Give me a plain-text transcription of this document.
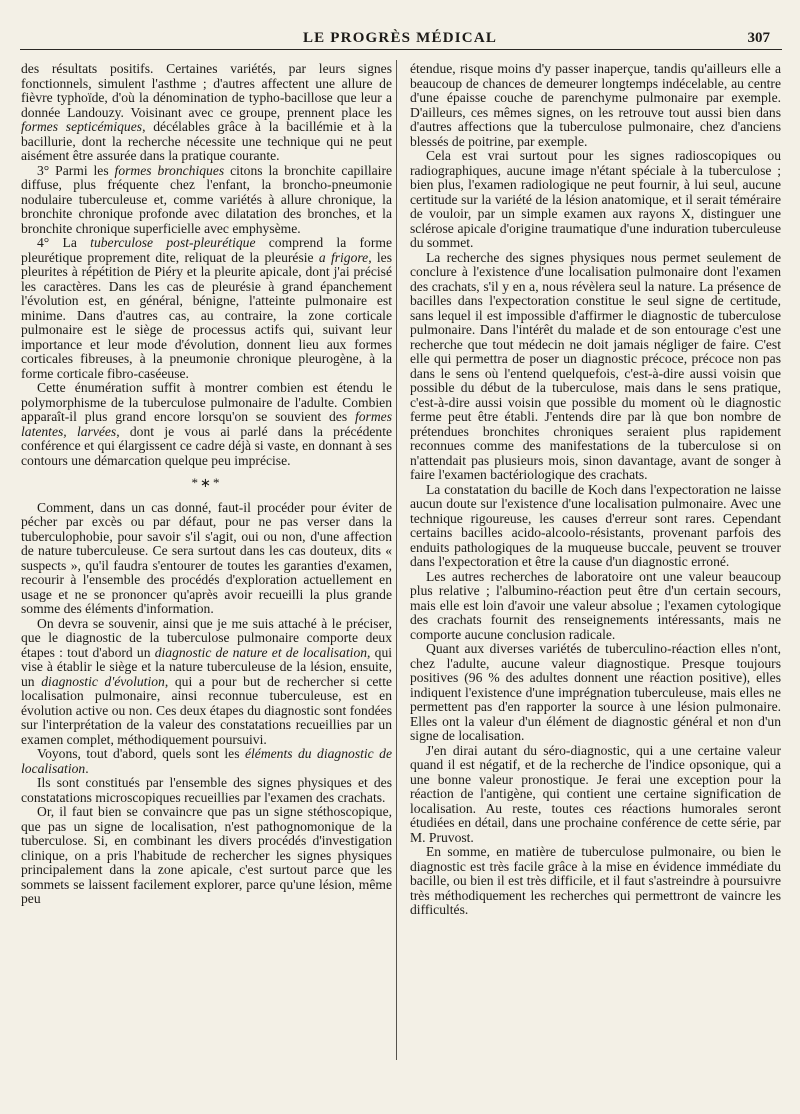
LE PROGRÈS MÉDICAL	307

des résultats positifs. Certaines variétés, par leurs signes fonctionnels, simulent l'asthme ; d'autres affectent une allure de fièvre typhoïde, d'où la dénomination de typho-bacillose que leur a donnée Landouzy. Voisinant avec ce groupe, prennent place les formes septicémiques, décélables grâce à la bacillémie et à la bacillurie, dont la recherche nécessite une technique qui ne peut aisément être assurée dans la pratique courante.

3° Parmi les formes bronchiques citons la bronchite capillaire diffuse, plus fréquente chez l'enfant, la broncho-pneumonie nodulaire tuberculeuse et, comme variétés à allure chronique, la bronchite chronique profonde avec dilatation des bronches, et la bronchite chronique superficielle avec emphysème.

4° La tuberculose post-pleurétique comprend la forme pleurétique proprement dite, reliquat de la pleurésie a frigore, les pleurites à répétition de Piéry et la pleurite apicale, dont j'ai précisé les caractères. Dans les cas de pleurésie à grand épanchement l'évolution est, en général, bénigne, l'atteinte pulmonaire est minime. Dans d'autres cas, au contraire, la zone corticale pulmonaire est le siège de processus actifs qui, suivant leur importance et leur mode d'évolution, donnent lieu aux formes corticales fibreuses, à la pneumonie chronique pleurogène, à la forme corticale fibro-caséeuse.

Cette énumération suffit à montrer combien est étendu le polymorphisme de la tuberculose pulmonaire de l'adulte. Combien apparaît-il plus grand encore lorsqu'on se souvient des formes latentes, larvées, dont je vous ai parlé dans la précédente conférence et qui élargissent ce cadre déjà si vaste, en donnant à ses contours une démarcation quelque peu imprécise.

*∗*

Comment, dans un cas donné, faut-il procéder pour éviter de pécher par excès ou par défaut, pour ne pas verser dans la tuberculophobie, pour savoir s'il s'agit, oui ou non, d'une affection de nature tuberculeuse. Ce sera surtout dans les cas douteux, dits « suspects », qu'il faudra s'entourer de toutes les garanties d'examen, recourir à l'ensemble des procédés d'exploration actuellement en usage et ne se prononcer qu'après avoir recueilli la plus grande somme des éléments d'information.

On devra se souvenir, ainsi que je me suis attaché à le préciser, que le diagnostic de la tuberculose pulmonaire comporte deux étapes : tout d'abord un diagnostic de nature et de localisation, qui vise à établir le siège et la nature tuberculeuse de la lésion, ensuite, un diagnostic d'évolution, qui a pour but de rechercher si cette localisation pulmonaire, ainsi reconnue tuberculeuse, est en évolution active ou non. Ces deux étapes du diagnostic sont fondées sur l'interprétation de la valeur des constatations recueillies par un examen complet, méthodiquement poursuivi.

Voyons, tout d'abord, quels sont les éléments du diagnostic de localisation.

Ils sont constitués par l'ensemble des signes physiques et des constatations microscopiques recueillies par l'examen des crachats.

Or, il faut bien se convaincre que pas un signe stéthoscopique, que pas un signe de localisation, n'est pathognomonique de la tuberculose. Si, en combinant les divers procédés d'investigation clinique, on a pris l'habitude de rechercher les signes physiques principalement dans la zone apicale, c'est surtout parce que les sommets se laissent facilement explorer, parce qu'une lésion, même peu

étendue, risque moins d'y passer inaperçue, tandis qu'ailleurs elle a beaucoup de chances de demeurer longtemps indécelable, au centre d'une épaisse couche de parenchyme pulmonaire par exemple. D'ailleurs, ces mêmes signes, on les retrouve tout aussi bien dans d'autres affections que la tuberculose pulmonaire, chez d'anciens blessés de poitrine, par exemple.

Cela est vrai surtout pour les signes radioscopiques ou radiographiques, aucune image n'étant spéciale à la tuberculose ; bien plus, l'examen radiologique ne peut fournir, à lui seul, aucune certitude sur la variété de la lésion anatomique, et il serait téméraire de vouloir, par un simple examen aux rayons X, distinguer une sclérose apicale d'origine traumatique d'une induration tuberculeuse du sommet.

La recherche des signes physiques nous permet seulement de conclure à l'existence d'une localisation pulmonaire dont l'examen des crachats, s'il y en a, nous révèlera seul la nature. La présence de bacilles dans l'expectoration constitue le seul signe de certitude, sans lequel il est impossible d'affirmer le diagnostic de tuberculose pulmonaire. Dans l'intérêt du malade et de son entourage c'est une recherche que tout médecin ne doit jamais négliger de faire. C'est elle qui permettra de poser un diagnostic précoce, précoce non pas dans le sens où l'entend quelquefois, c'est-à-dire aussi voisin que possible du début de la tuberculose, mais dans le sens pratique, c'est-à-dire aussi voisin que possible du moment où le diagnostic ferme peut être établi. J'entends dire par là que bon nombre de prétendues bronchites chroniques seraient plus rapidement reconnues comme des manifestations de la tuberculose si on n'attendait pas plusieurs mois, sinon davantage, avant de songer à faire l'examen bactériologique des crachats.

La constatation du bacille de Koch dans l'expectoration ne laisse aucun doute sur l'existence d'une localisation pulmonaire. Avec une technique rigoureuse, les causes d'erreur sont rares. Cependant certains bacilles acido-alcoolo-résistants, provenant parfois des enduits pathologiques de la muqueuse buccale, peuvent se trouver dans l'expectoration et être la cause d'un diagnostic erroné.

Les autres recherches de laboratoire ont une valeur beaucoup plus relative ; l'albumino-réaction peut être d'un certain secours, mais elle est loin d'avoir une valeur absolue ; l'examen cytologique des crachats fournit des renseignements intéressants, mais ne comporte aucune conclusion radicale.

Quant aux diverses variétés de tuberculino-réaction elles n'ont, chez l'adulte, aucune valeur diagnostique. Presque toujours positives (96 % des adultes donnent une réaction positive), elles indiquent l'existence d'une imprégnation tuberculeuse, mais elles ne permettent pas d'en rapporter la source à une lésion pulmonaire. Elles ont la valeur d'un élément de diagnostic général et non d'un signe de localisation.

J'en dirai autant du séro-diagnostic, qui a une certaine valeur quand il est négatif, et de la recherche de l'indice opsonique, qui a une bonne valeur pronostique. Je ferai une exception pour la réaction de l'antigène, qui contient une certaine signification de localisation. Au reste, toutes ces réactions humorales seront étudiées en détail, dans une prochaine conférence de cette série, par M. Pruvost.

En somme, en matière de tuberculose pulmonaire, ou bien le diagnostic est très facile grâce à la mise en évidence immédiate du bacille, ou bien il est très difficile, et il faut s'astreindre à poursuivre très méthodiquement les recherches qui permettront de vaincre les difficultés.
